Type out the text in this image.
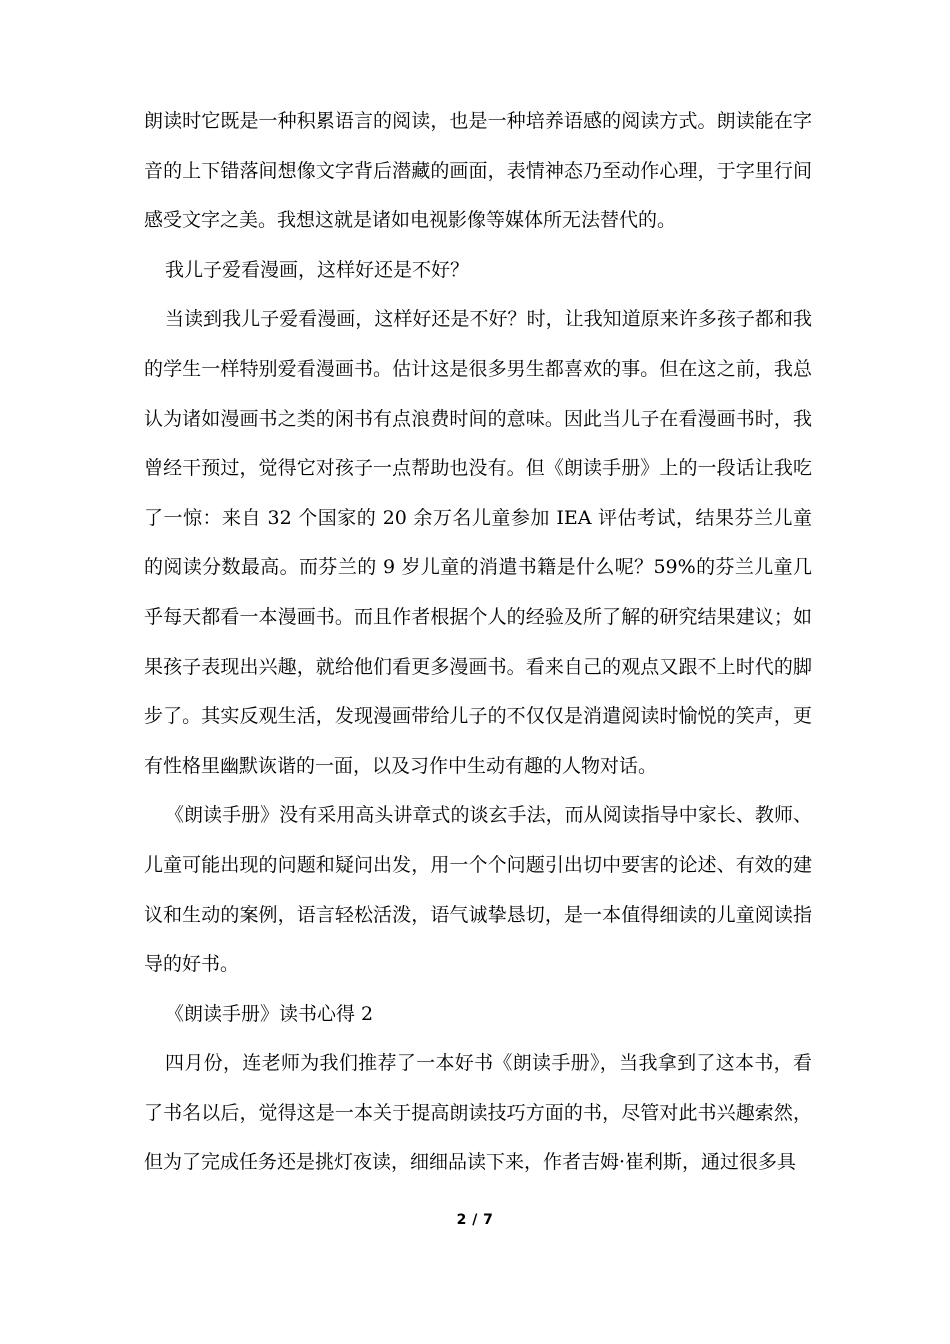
朗读时它既是一种积累语言的阅读，也是一种培养语感的阅读方式。朗读能在字音的上下错落间想像文字背后潜藏的画面，表情神态乃至动作心理，于字里行间感受文字之美。我想这就是诸如电视影像等媒体所无法替代的。

我儿子爱看漫画，这样好还是不好？

当读到我儿子爱看漫画，这样好还是不好？时，让我知道原来许多孩子都和我的学生一样特别爱看漫画书。估计这是很多男生都喜欢的事。但在这之前，我总认为诸如漫画书之类的闲书有点浪费时间的意味。因此当儿子在看漫画书时，我曾经干预过，觉得它对孩子一点帮助也没有。但《朗读手册》上的一段话让我吃了一惊：来自 32 个国家的 20 余万名儿童参加 IEA 评估考试，结果芬兰儿童的阅读分数最高。而芬兰的 9 岁儿童的消遣书籍是什么呢？59%的芬兰儿童几乎每天都看一本漫画书。而且作者根据个人的经验及所了解的研究结果建议；如果孩子表现出兴趣，就给他们看更多漫画书。看来自己的观点又跟不上时代的脚步了。其实反观生活，发现漫画带给儿子的不仅仅是消遣阅读时愉悦的笑声，更有性格里幽默诙谐的一面，以及习作中生动有趣的人物对话。

《朗读手册》没有采用高头讲章式的谈玄手法，而从阅读指导中家长、教师、儿童可能出现的问题和疑问出发，用一个个问题引出切中要害的论述、有效的建议和生动的案例，语言轻松活泼，语气诚挚恳切，是一本值得细读的儿童阅读指导的好书。

《朗读手册》读书心得 2

四月份，连老师为我们推荐了一本好书《朗读手册》，当我拿到了这本书，看了书名以后，觉得这是一本关于提高朗读技巧方面的书，尽管对此书兴趣索然，但为了完成任务还是挑灯夜读，细细品读下来，作者吉姆·崔利斯，通过很多具

2 / 7
